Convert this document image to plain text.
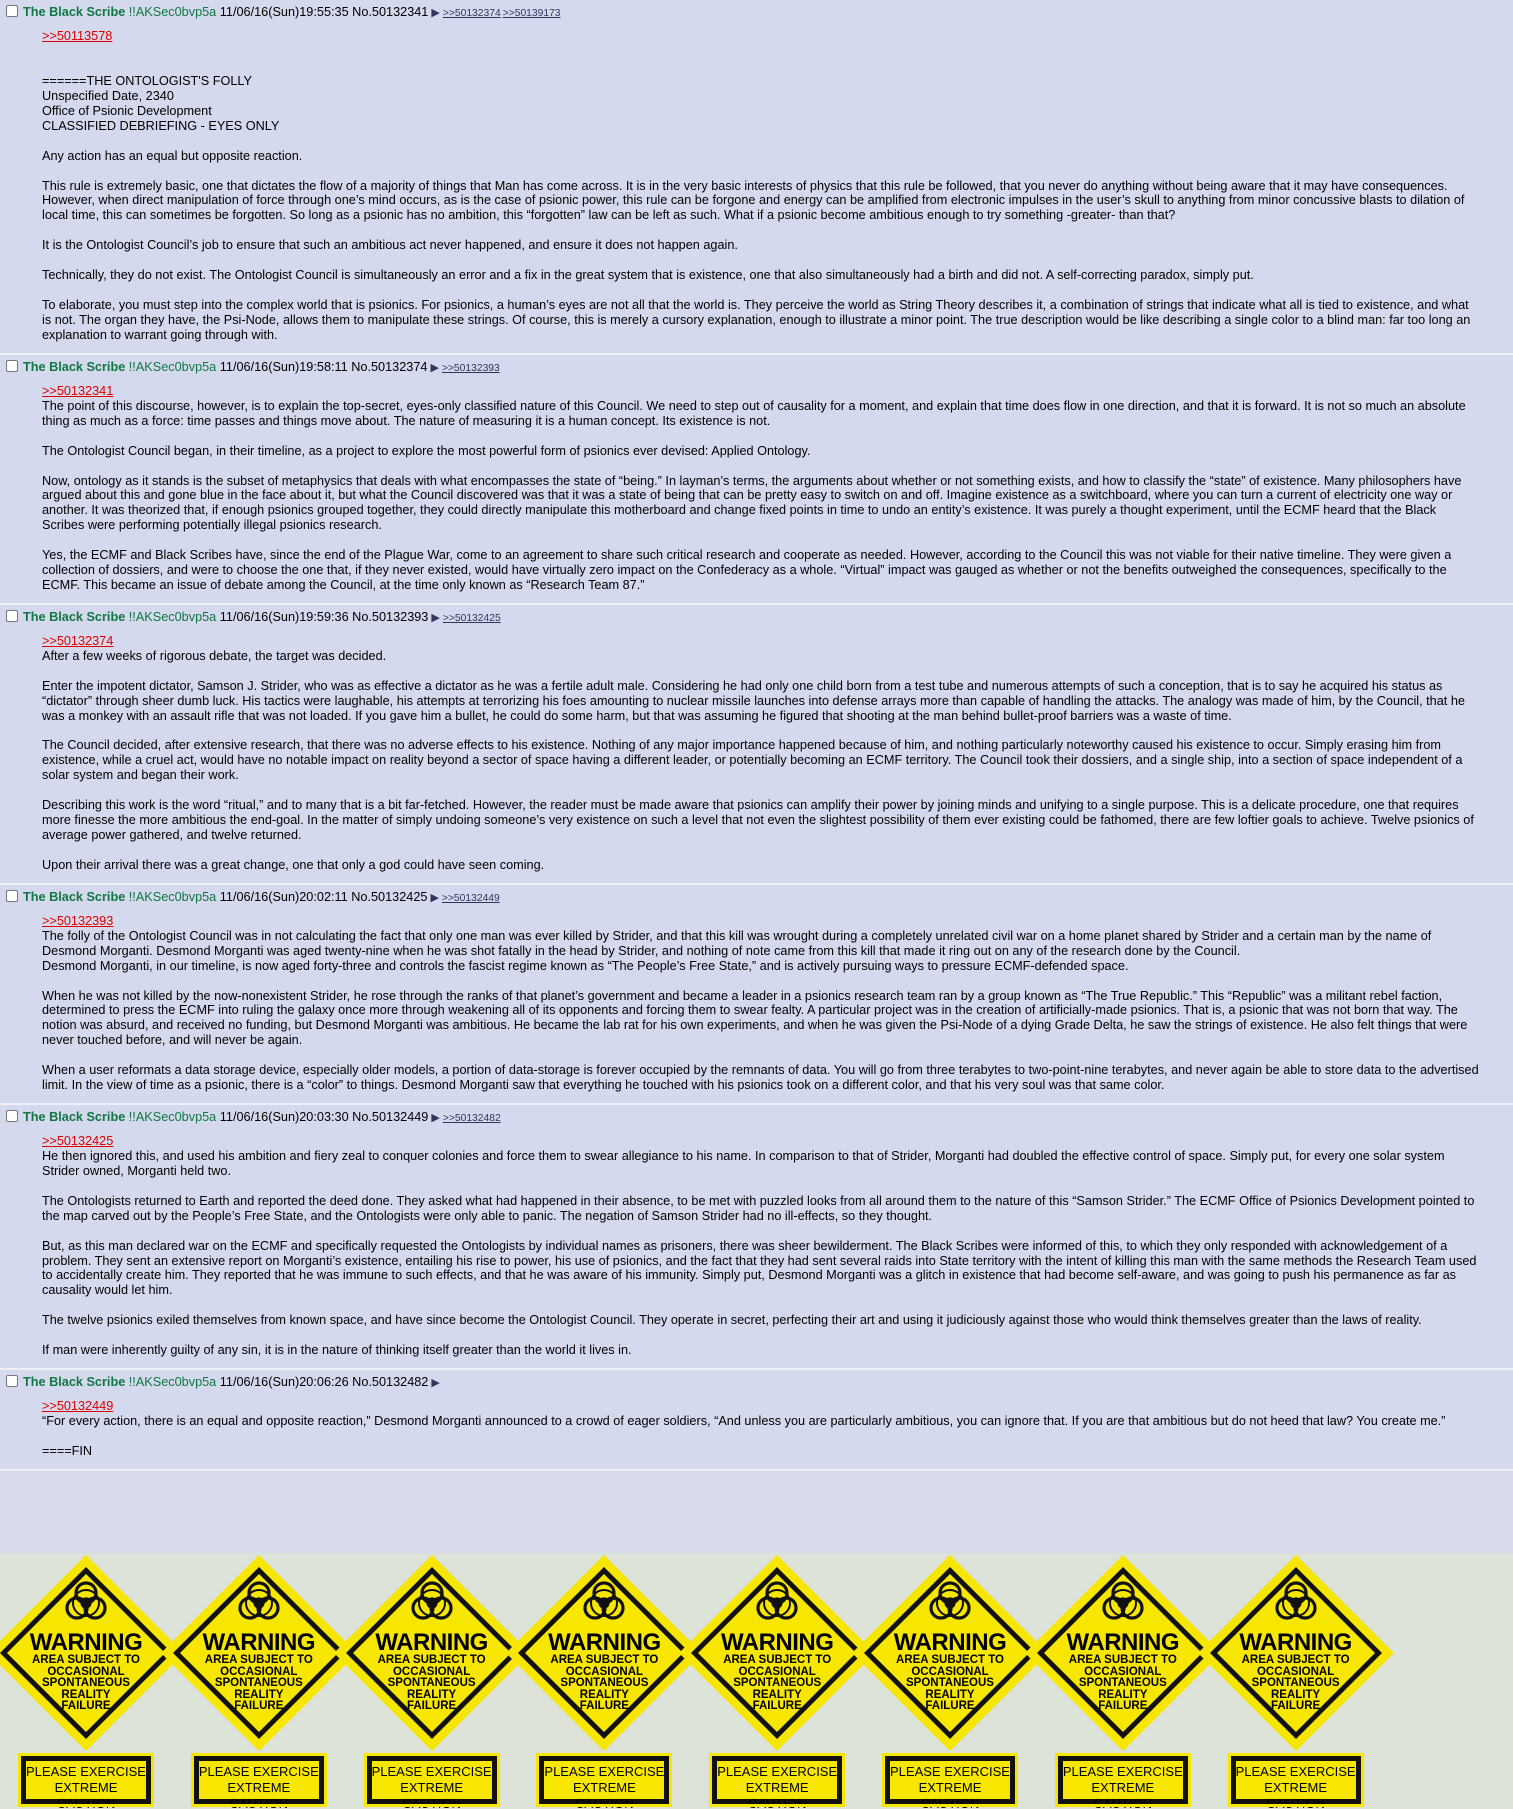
The Black Scribe !!AKSec0bvp5a 11/06/16(Sun)19:55:35 No.50132341 ▶ >>50132374 >>50139173
>>50113578
======THE ONTOLOGIST'S FOLLY
Unspecified Date, 2340
Office of Psionic Development
CLASSIFIED DEBRIEFING - EYES ONLY
Any action has an equal but opposite reaction.
This rule is extremely basic, one that dictates the flow of a majority of things that Man has come across. It is in the very basic interests of physics that this rule be followed, that you never do anything without being aware that it may have consequences. However, when direct manipulation of force through one’s mind occurs, as is the case of psionic power, this rule can be forgone and energy can be amplified from electronic impulses in the user’s skull to anything from minor concussive blasts to dilation of local time, this can sometimes be forgotten. So long as a psionic has no ambition, this “forgotten” law can be left as such. What if a psionic become ambitious enough to try something -greater- than that?
It is the Ontologist Council’s job to ensure that such an ambitious act never happened, and ensure it does not happen again.
Technically, they do not exist. The Ontologist Council is simultaneously an error and a fix in the great system that is existence, one that also simultaneously had a birth and did not. A self-correcting paradox, simply put.
To elaborate, you must step into the complex world that is psionics. For psionics, a human’s eyes are not all that the world is. They perceive the world as String Theory describes it, a combination of strings that indicate what all is tied to existence, and what is not. The organ they have, the Psi-Node, allows them to manipulate these strings. Of course, this is merely a cursory explanation, enough to illustrate a minor point. The true description would be like describing a single color to a blind man: far too long an explanation to warrant going through with.
The Black Scribe !!AKSec0bvp5a 11/06/16(Sun)19:58:11 No.50132374 ▶ >>50132393
>>50132341
The point of this discourse, however, is to explain the top-secret, eyes-only classified nature of this Council. We need to step out of causality for a moment, and explain that time does flow in one direction, and that it is forward. It is not so much an absolute thing as much as a force: time passes and things move about. The nature of measuring it is a human concept. Its existence is not.
The Ontologist Council began, in their timeline, as a project to explore the most powerful form of psionics ever devised: Applied Ontology.
Now, ontology as it stands is the subset of metaphysics that deals with what encompasses the state of “being.” In layman’s terms, the arguments about whether or not something exists, and how to classify the “state” of existence. Many philosophers have argued about this and gone blue in the face about it, but what the Council discovered was that it was a state of being that can be pretty easy to switch on and off. Imagine existence as a switchboard, where you can turn a current of electricity one way or another. It was theorized that, if enough psionics grouped together, they could directly manipulate this motherboard and change fixed points in time to undo an entity’s existence. It was purely a thought experiment, until the ECMF heard that the Black Scribes were performing potentially illegal psionics research.
Yes, the ECMF and Black Scribes have, since the end of the Plague War, come to an agreement to share such critical research and cooperate as needed. However, according to the Council this was not viable for their native timeline. They were given a collection of dossiers, and were to choose the one that, if they never existed, would have virtually zero impact on the Confederacy as a whole. “Virtual” impact was gauged as whether or not the benefits outweighed the consequences, specifically to the ECMF. This became an issue of debate among the Council, at the time only known as “Research Team 87.”
The Black Scribe !!AKSec0bvp5a 11/06/16(Sun)19:59:36 No.50132393 ▶ >>50132425
>>50132374
After a few weeks of rigorous debate, the target was decided.
Enter the impotent dictator, Samson J. Strider, who was as effective a dictator as he was a fertile adult male. Considering he had only one child born from a test tube and numerous attempts of such a conception, that is to say he acquired his status as “dictator” through sheer dumb luck. His tactics were laughable, his attempts at terrorizing his foes amounting to nuclear missile launches into defense arrays more than capable of handling the attacks. The analogy was made of him, by the Council, that he was a monkey with an assault rifle that was not loaded. If you gave him a bullet, he could do some harm, but that was assuming he figured that shooting at the man behind bullet-proof barriers was a waste of time.
The Council decided, after extensive research, that there was no adverse effects to his existence. Nothing of any major importance happened because of him, and nothing particularly noteworthy caused his existence to occur. Simply erasing him from existence, while a cruel act, would have no notable impact on reality beyond a sector of space having a different leader, or potentially becoming an ECMF territory. The Council took their dossiers, and a single ship, into a section of space independent of a solar system and began their work.
Describing this work is the word “ritual,” and to many that is a bit far-fetched. However, the reader must be made aware that psionics can amplify their power by joining minds and unifying to a single purpose. This is a delicate procedure, one that requires more finesse the more ambitious the end-goal. In the matter of simply undoing someone’s very existence on such a level that not even the slightest possibility of them ever existing could be fathomed, there are few loftier goals to achieve. Twelve psionics of average power gathered, and twelve returned.
Upon their arrival there was a great change, one that only a god could have seen coming.
The Black Scribe !!AKSec0bvp5a 11/06/16(Sun)20:02:11 No.50132425 ▶ >>50132449
>>50132393
The folly of the Ontologist Council was in not calculating the fact that only one man was ever killed by Strider, and that this kill was wrought during a completely unrelated civil war on a home planet shared by Strider and a certain man by the name of Desmond Morganti. Desmond Morganti was aged twenty-nine when he was shot fatally in the head by Strider, and nothing of note came from this kill that made it ring out on any of the research done by the Council.
Desmond Morganti, in our timeline, is now aged forty-three and controls the fascist regime known as “The People’s Free State,” and is actively pursuing ways to pressure ECMF-defended space.
When he was not killed by the now-nonexistent Strider, he rose through the ranks of that planet’s government and became a leader in a psionics research team ran by a group known as “The True Republic.” This “Republic” was a militant rebel faction, determined to press the ECMF into ruling the galaxy once more through weakening all of its opponents and forcing them to swear fealty. A particular project was in the creation of artificially-made psionics. That is, a psionic that was not born that way. The notion was absurd, and received no funding, but Desmond Morganti was ambitious. He became the lab rat for his own experiments, and when he was given the Psi-Node of a dying Grade Delta, he saw the strings of existence. He also felt things that were never touched before, and will never be again.
When a user reformats a data storage device, especially older models, a portion of data-storage is forever occupied by the remnants of data. You will go from three terabytes to two-point-nine terabytes, and never again be able to store data to the advertised limit. In the view of time as a psionic, there is a “color” to things. Desmond Morganti saw that everything he touched with his psionics took on a different color, and that his very soul was that same color.
The Black Scribe !!AKSec0bvp5a 11/06/16(Sun)20:03:30 No.50132449 ▶ >>50132482
>>50132425
He then ignored this, and used his ambition and fiery zeal to conquer colonies and force them to swear allegiance to his name. In comparison to that of Strider, Morganti had doubled the effective control of space. Simply put, for every one solar system Strider owned, Morganti held two.
The Ontologists returned to Earth and reported the deed done. They asked what had happened in their absence, to be met with puzzled looks from all around them to the nature of this “Samson Strider.” The ECMF Office of Psionics Development pointed to the map carved out by the People’s Free State, and the Ontologists were only able to panic. The negation of Samson Strider had no ill-effects, so they thought.
But, as this man declared war on the ECMF and specifically requested the Ontologists by individual names as prisoners, there was sheer bewilderment. The Black Scribes were informed of this, to which they only responded with acknowledgement of a problem. They sent an extensive report on Morganti’s existence, entailing his rise to power, his use of psionics, and the fact that they had sent several raids into State territory with the intent of killing this man with the same methods the Research Team used to accidentally create him. They reported that he was immune to such effects, and that he was aware of his immunity. Simply put, Desmond Morganti was a glitch in existence that had become self-aware, and was going to push his permanence as far as causality would let him.
The twelve psionics exiled themselves from known space, and have since become the Ontologist Council. They operate in secret, perfecting their art and using it judiciously against those who would think themselves greater than the laws of reality.
If man were inherently guilty of any sin, it is in the nature of thinking itself greater than the world it lives in.
The Black Scribe !!AKSec0bvp5a 11/06/16(Sun)20:06:26 No.50132482 ▶
>>50132449
“For every action, there is an equal and opposite reaction,” Desmond Morganti announced to a crowd of eager soldiers, “And unless you are particularly ambitious, you can ignore that. If you are that ambitious but do not heed that law? You create me.”
====FIN
WARNING
AREA SUBJECT TO
OCCASIONAL
SPONTANEOUS
REALITY
FAILURE
PLEASE EXERCISE
EXTREME CAUTION
WARNING
AREA SUBJECT TO
OCCASIONAL
SPONTANEOUS
REALITY
FAILURE
PLEASE EXERCISE
EXTREME CAUTION
WARNING
AREA SUBJECT TO
OCCASIONAL
SPONTANEOUS
REALITY
FAILURE
PLEASE EXERCISE
EXTREME CAUTION
WARNING
AREA SUBJECT TO
OCCASIONAL
SPONTANEOUS
REALITY
FAILURE
PLEASE EXERCISE
EXTREME CAUTION
WARNING
AREA SUBJECT TO
OCCASIONAL
SPONTANEOUS
REALITY
FAILURE
PLEASE EXERCISE
EXTREME CAUTION
WARNING
AREA SUBJECT TO
OCCASIONAL
SPONTANEOUS
REALITY
FAILURE
PLEASE EXERCISE
EXTREME CAUTION
WARNING
AREA SUBJECT TO
OCCASIONAL
SPONTANEOUS
REALITY
FAILURE
PLEASE EXERCISE
EXTREME CAUTION
WARNING
AREA SUBJECT TO
OCCASIONAL
SPONTANEOUS
REALITY
FAILURE
PLEASE EXERCISE
EXTREME CAUTION
